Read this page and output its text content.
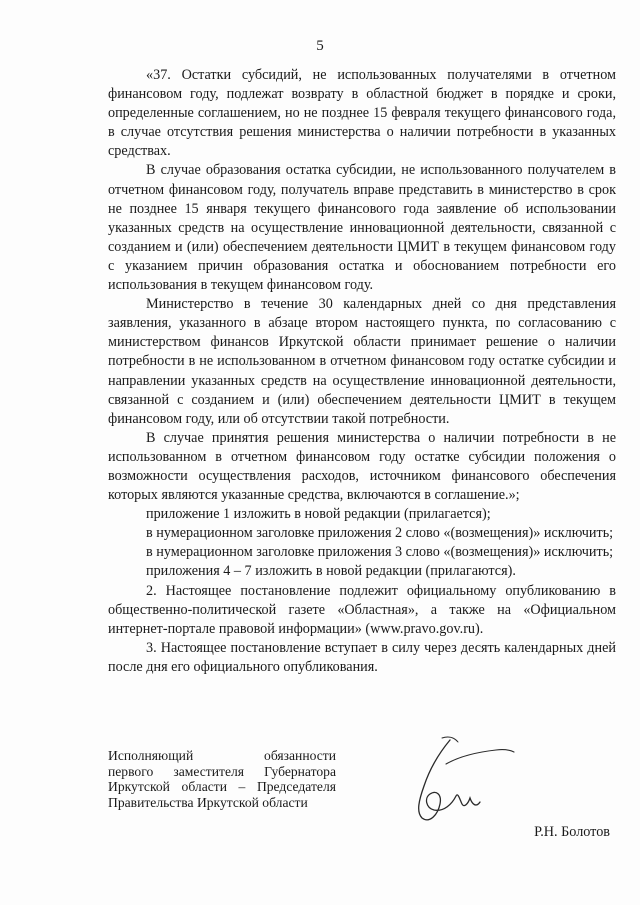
5

«37. Остатки субсидий, не использованных получателями в отчетном финансовом году, подлежат возврату в областной бюджет в порядке и сроки, определенные соглашением, но не позднее 15 февраля текущего финансового года, в случае отсутствия решения министерства о наличии потребности в указанных средствах.

В случае образования остатка субсидии, не использованного получателем в отчетном финансовом году, получатель вправе представить в министерство в срок не позднее 15 января текущего финансового года заявление об использовании указанных средств на осуществление инновационной деятельности, связанной с созданием и (или) обеспечением деятельности ЦМИТ в текущем финансовом году с указанием причин образования остатка и обоснованием потребности его использования в текущем финансовом году.

Министерство в течение 30 календарных дней со дня представления заявления, указанного в абзаце втором настоящего пункта, по согласованию с министерством финансов Иркутской области принимает решение о наличии потребности в не использованном в отчетном финансовом году остатке субсидии и направлении указанных средств на осуществление инновационной деятельности, связанной с созданием и (или) обеспечением деятельности ЦМИТ в текущем финансовом году, или об отсутствии такой потребности.

В случае принятия решения министерства о наличии потребности в не использованном в отчетном финансовом году остатке субсидии положения о возможности осуществления расходов, источником финансового обеспечения которых являются указанные средства, включаются в соглашение.»;

приложение 1 изложить в новой редакции (прилагается);

в нумерационном заголовке приложения 2 слово «(возмещения)» исключить;

в нумерационном заголовке приложения 3 слово «(возмещения)» исключить;

приложения 4 – 7 изложить в новой редакции (прилагаются).

2. Настоящее постановление подлежит официальному опубликованию в общественно-политической газете «Областная», а также на «Официальном интернет-портале правовой информации» (www.pravo.gov.ru).

3. Настоящее постановление вступает в силу через десять календарных дней после дня его официального опубликования.

Исполняющий обязанности
первого заместителя Губернатора
Иркутской области – Председателя
Правительства Иркутской области
Р.Н. Болотов
